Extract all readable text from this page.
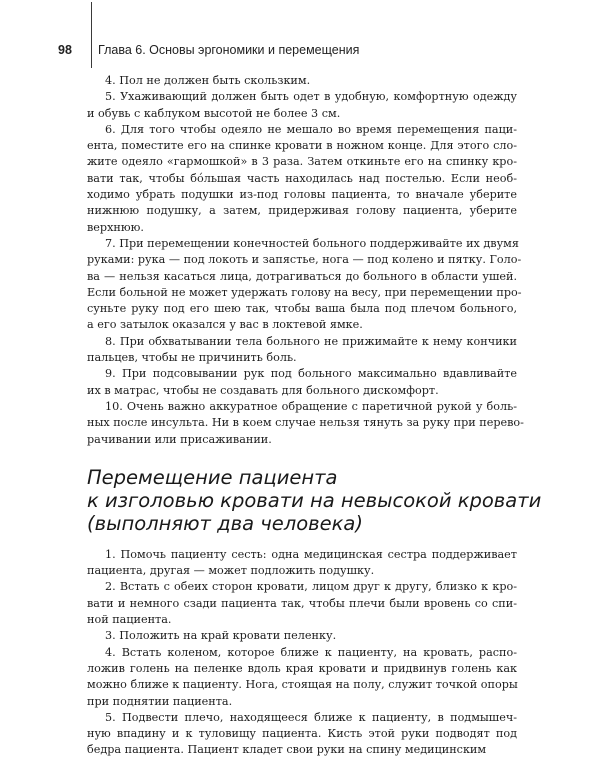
98 Глава 6. Основы эргономики и перемещения
4. Пол не должен быть скользким.
5. Ухаживающий должен быть одет в удобную, комфортную одежду
и обувь с каблуком высотой не более 3 см.
6. Для того чтобы одеяло не мешало во время перемещения паци-
ента, поместите его на спинке кровати в ножном конце. Для этого сло-
жите одеяло «гармошкой» в 3 раза. Затем откиньте его на спинку кро-
вати так, чтобы бóльшая часть находилась над постелью. Если необ-
ходимо убрать подушки из-под головы пациента, то вначале уберите
нижнюю подушку, а затем, придерживая голову пациента, уберите
верхнюю.
7. При перемещении конечностей больного поддерживайте их двумя
руками: рука — под локоть и запястье, нога — под колено и пятку. Голо-
ва — нельзя касаться лица, дотрагиваться до больного в области ушей.
Если больной не может удержать голову на весу, при перемещении про-
суньте руку под его шею так, чтобы ваша была под плечом больного,
а его затылок оказался у вас в локтевой ямке.
8. При обхватывании тела больного не прижимайте к нему кончики
пальцев, чтобы не причинить боль.
9. При подсовывании рук под больного максимально вдавливайте
их в матрас, чтобы не создавать для больного дискомфорт.
10. Очень важно аккуратное обращение с паретичной рукой у боль-
ных после инсульта. Ни в коем случае нельзя тянуть за руку при перево-
рачивании или присаживании.
Перемещение пациента
к изголовью кровати на невысокой кровати
(выполняют два человека)
1. Помочь пациенту сесть: одна медицинская сестра поддерживает
пациента, другая — может подложить подушку.
2. Встать с обеих сторон кровати, лицом друг к другу, близко к кро-
вати и немного сзади пациента так, чтобы плечи были вровень со спи-
ной пациента.
3. Положить на край кровати пеленку.
4. Встать коленом, которое ближе к пациенту, на кровать, распо-
ложив голень на пеленке вдоль края кровати и придвинув голень как
можно ближе к пациенту. Нога, стоящая на полу, служит точкой опоры
при поднятии пациента.
5. Подвести плечо, находящееся ближе к пациенту, в подмышеч-
ную впадину и к туловищу пациента. Кисть этой руки подводят под
бедра пациента. Пациент кладет свои руки на спину медицинским
